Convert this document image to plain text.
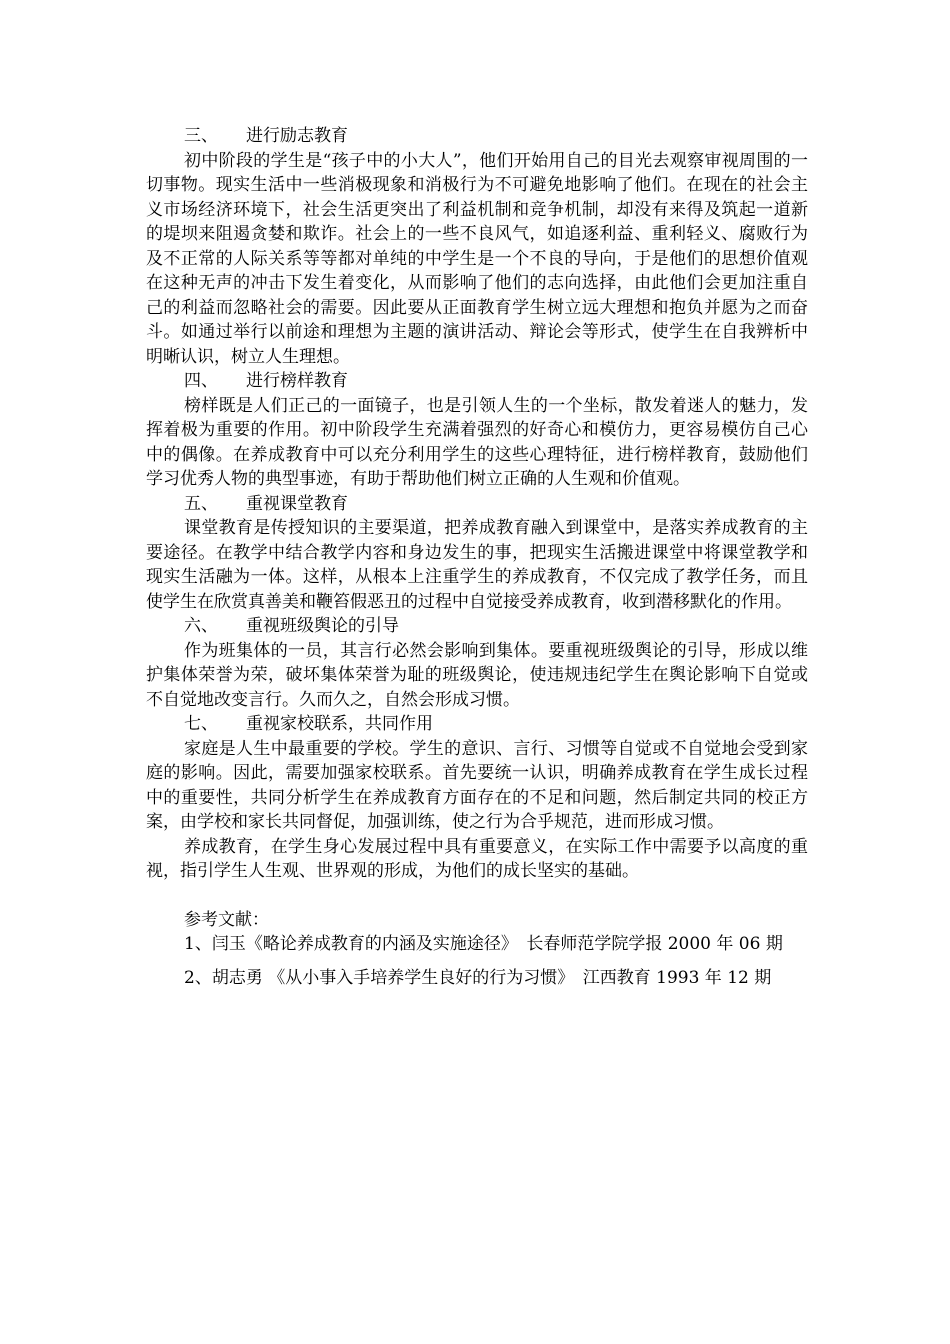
三、 进行励志教育

初中阶段的学生是“孩子中的小大人”，他们开始用自己的目光去观察审视周围的一切事物。现实生活中一些消极现象和消极行为不可避免地影响了他们。在现在的社会主义市场经济环境下，社会生活更突出了利益机制和竞争机制，却没有来得及筑起一道新的堤坝来阻遏贪婪和欺诈。社会上的一些不良风气，如追逐利益、重利轻义、腐败行为及不正常的人际关系等等都对单纯的中学生是一个不良的导向，于是他们的思想价值观在这种无声的冲击下发生着变化，从而影响了他们的志向选择，由此他们会更加注重自己的利益而忽略社会的需要。因此要从正面教育学生树立远大理想和抱负并愿为之而奋斗。如通过举行以前途和理想为主题的演讲活动、辩论会等形式，使学生在自我辨析中明晰认识，树立人生理想。

四、 进行榜样教育

榜样既是人们正己的一面镜子，也是引领人生的一个坐标，散发着迷人的魅力，发挥着极为重要的作用。初中阶段学生充满着强烈的好奇心和模仿力，更容易模仿自己心中的偶像。在养成教育中可以充分利用学生的这些心理特征，进行榜样教育，鼓励他们学习优秀人物的典型事迹，有助于帮助他们树立正确的人生观和价值观。

五、 重视课堂教育

课堂教育是传授知识的主要渠道，把养成教育融入到课堂中，是落实养成教育的主要途径。在教学中结合教学内容和身边发生的事，把现实生活搬进课堂中将课堂教学和现实生活融为一体。这样，从根本上注重学生的养成教育，不仅完成了教学任务，而且使学生在欣赏真善美和鞭笞假恶丑的过程中自觉接受养成教育，收到潜移默化的作用。

六、 重视班级舆论的引导

作为班集体的一员，其言行必然会影响到集体。要重视班级舆论的引导，形成以维护集体荣誉为荣，破坏集体荣誉为耻的班级舆论，使违规违纪学生在舆论影响下自觉或不自觉地改变言行。久而久之，自然会形成习惯。

七、 重视家校联系，共同作用

家庭是人生中最重要的学校。学生的意识、言行、习惯等自觉或不自觉地会受到家庭的影响。因此，需要加强家校联系。首先要统一认识，明确养成教育在学生成长过程中的重要性，共同分析学生在养成教育方面存在的不足和问题，然后制定共同的校正方案，由学校和家长共同督促，加强训练，使之行为合乎规范，进而形成习惯。

养成教育，在学生身心发展过程中具有重要意义，在实际工作中需要予以高度的重视，指引学生人生观、世界观的形成，为他们的成长坚实的基础。

参考文献：

1、闫玉《略论养成教育的内涵及实施途径》　长春师范学院学报 2000 年 06 期

2、胡志勇 《从小事入手培养学生良好的行为习惯》　江西教育 1993 年 12 期
